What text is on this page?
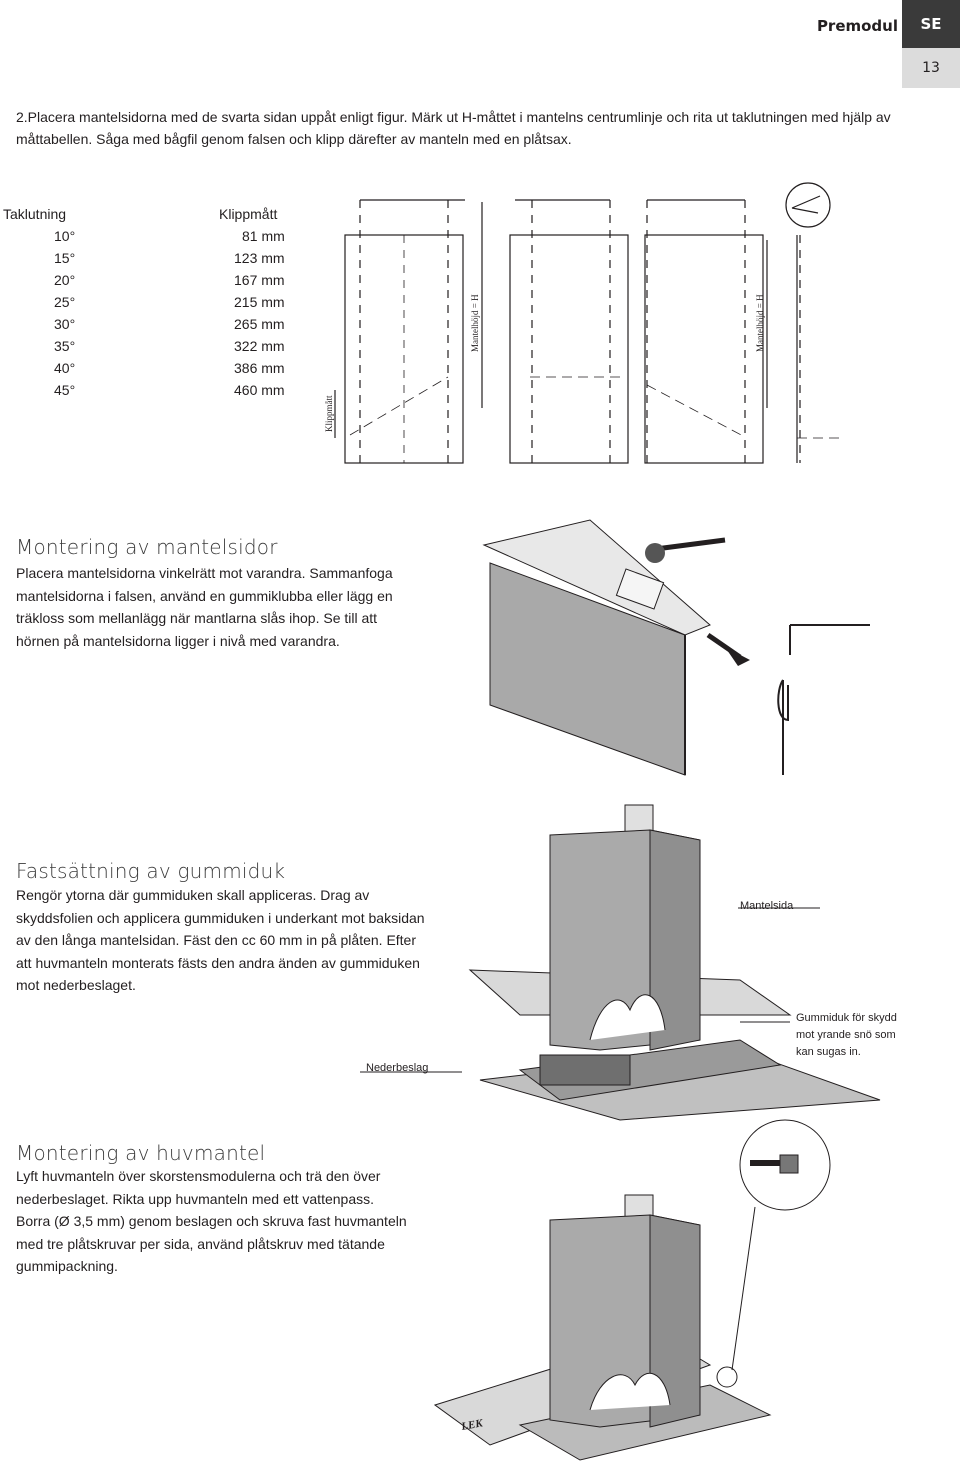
Premodul	SE
13
2.Placera mantelsidorna med de svarta sidan uppåt enligt figur. Märk ut H-måttet i mantelns centrumlinje och rita ut taklutningen med hjälp av måttabellen. Såga med bågfil genom falsen och klipp därefter av manteln med en plåtsax.
Taklutning	Klippmått
10°	81 mm
15°	123 mm
20°	167 mm
25°	215 mm
30°	265 mm
35°	322 mm
40°	386 mm
45°	460 mm
Klippmått
Mantelhöjd = H	Mantelhöjd = H
Montering av mantelsidor
Placera mantelsidorna vinkelrätt mot varandra. Sammanfoga
mantelsidorna i falsen, använd en gummiklubba eller lägg en
träkloss som mellanlägg när mantlarna slås ihop. Se till att
hörnen på mantelsidorna ligger i nivå med varandra.
Fastsättning av gummiduk
Rengör ytorna där gummiduken skall appliceras. Drag av
skyddsfolien och applicera gummiduken i underkant mot baksidan
av den långa mantelsidan. Fäst den cc 60 mm in på plåten. Efter
att huvmanteln monterats fästs den andra änden av gummiduken
mot nederbeslaget.
Mantelsida
Gummiduk för skydd
mot yrande snö som
kan sugas in.
Nederbeslag
Montering av huvmantel
Lyft huvmanteln över skorstensmodulerna och trä den över
nederbeslaget. Rikta upp huvmanteln med ett vattenpass.
Borra (Ø 3,5 mm) genom beslagen och skruva fast huvmanteln
med tre plåtskruvar per sida, använd plåtskruv med tätande
gummipackning.
LEK
